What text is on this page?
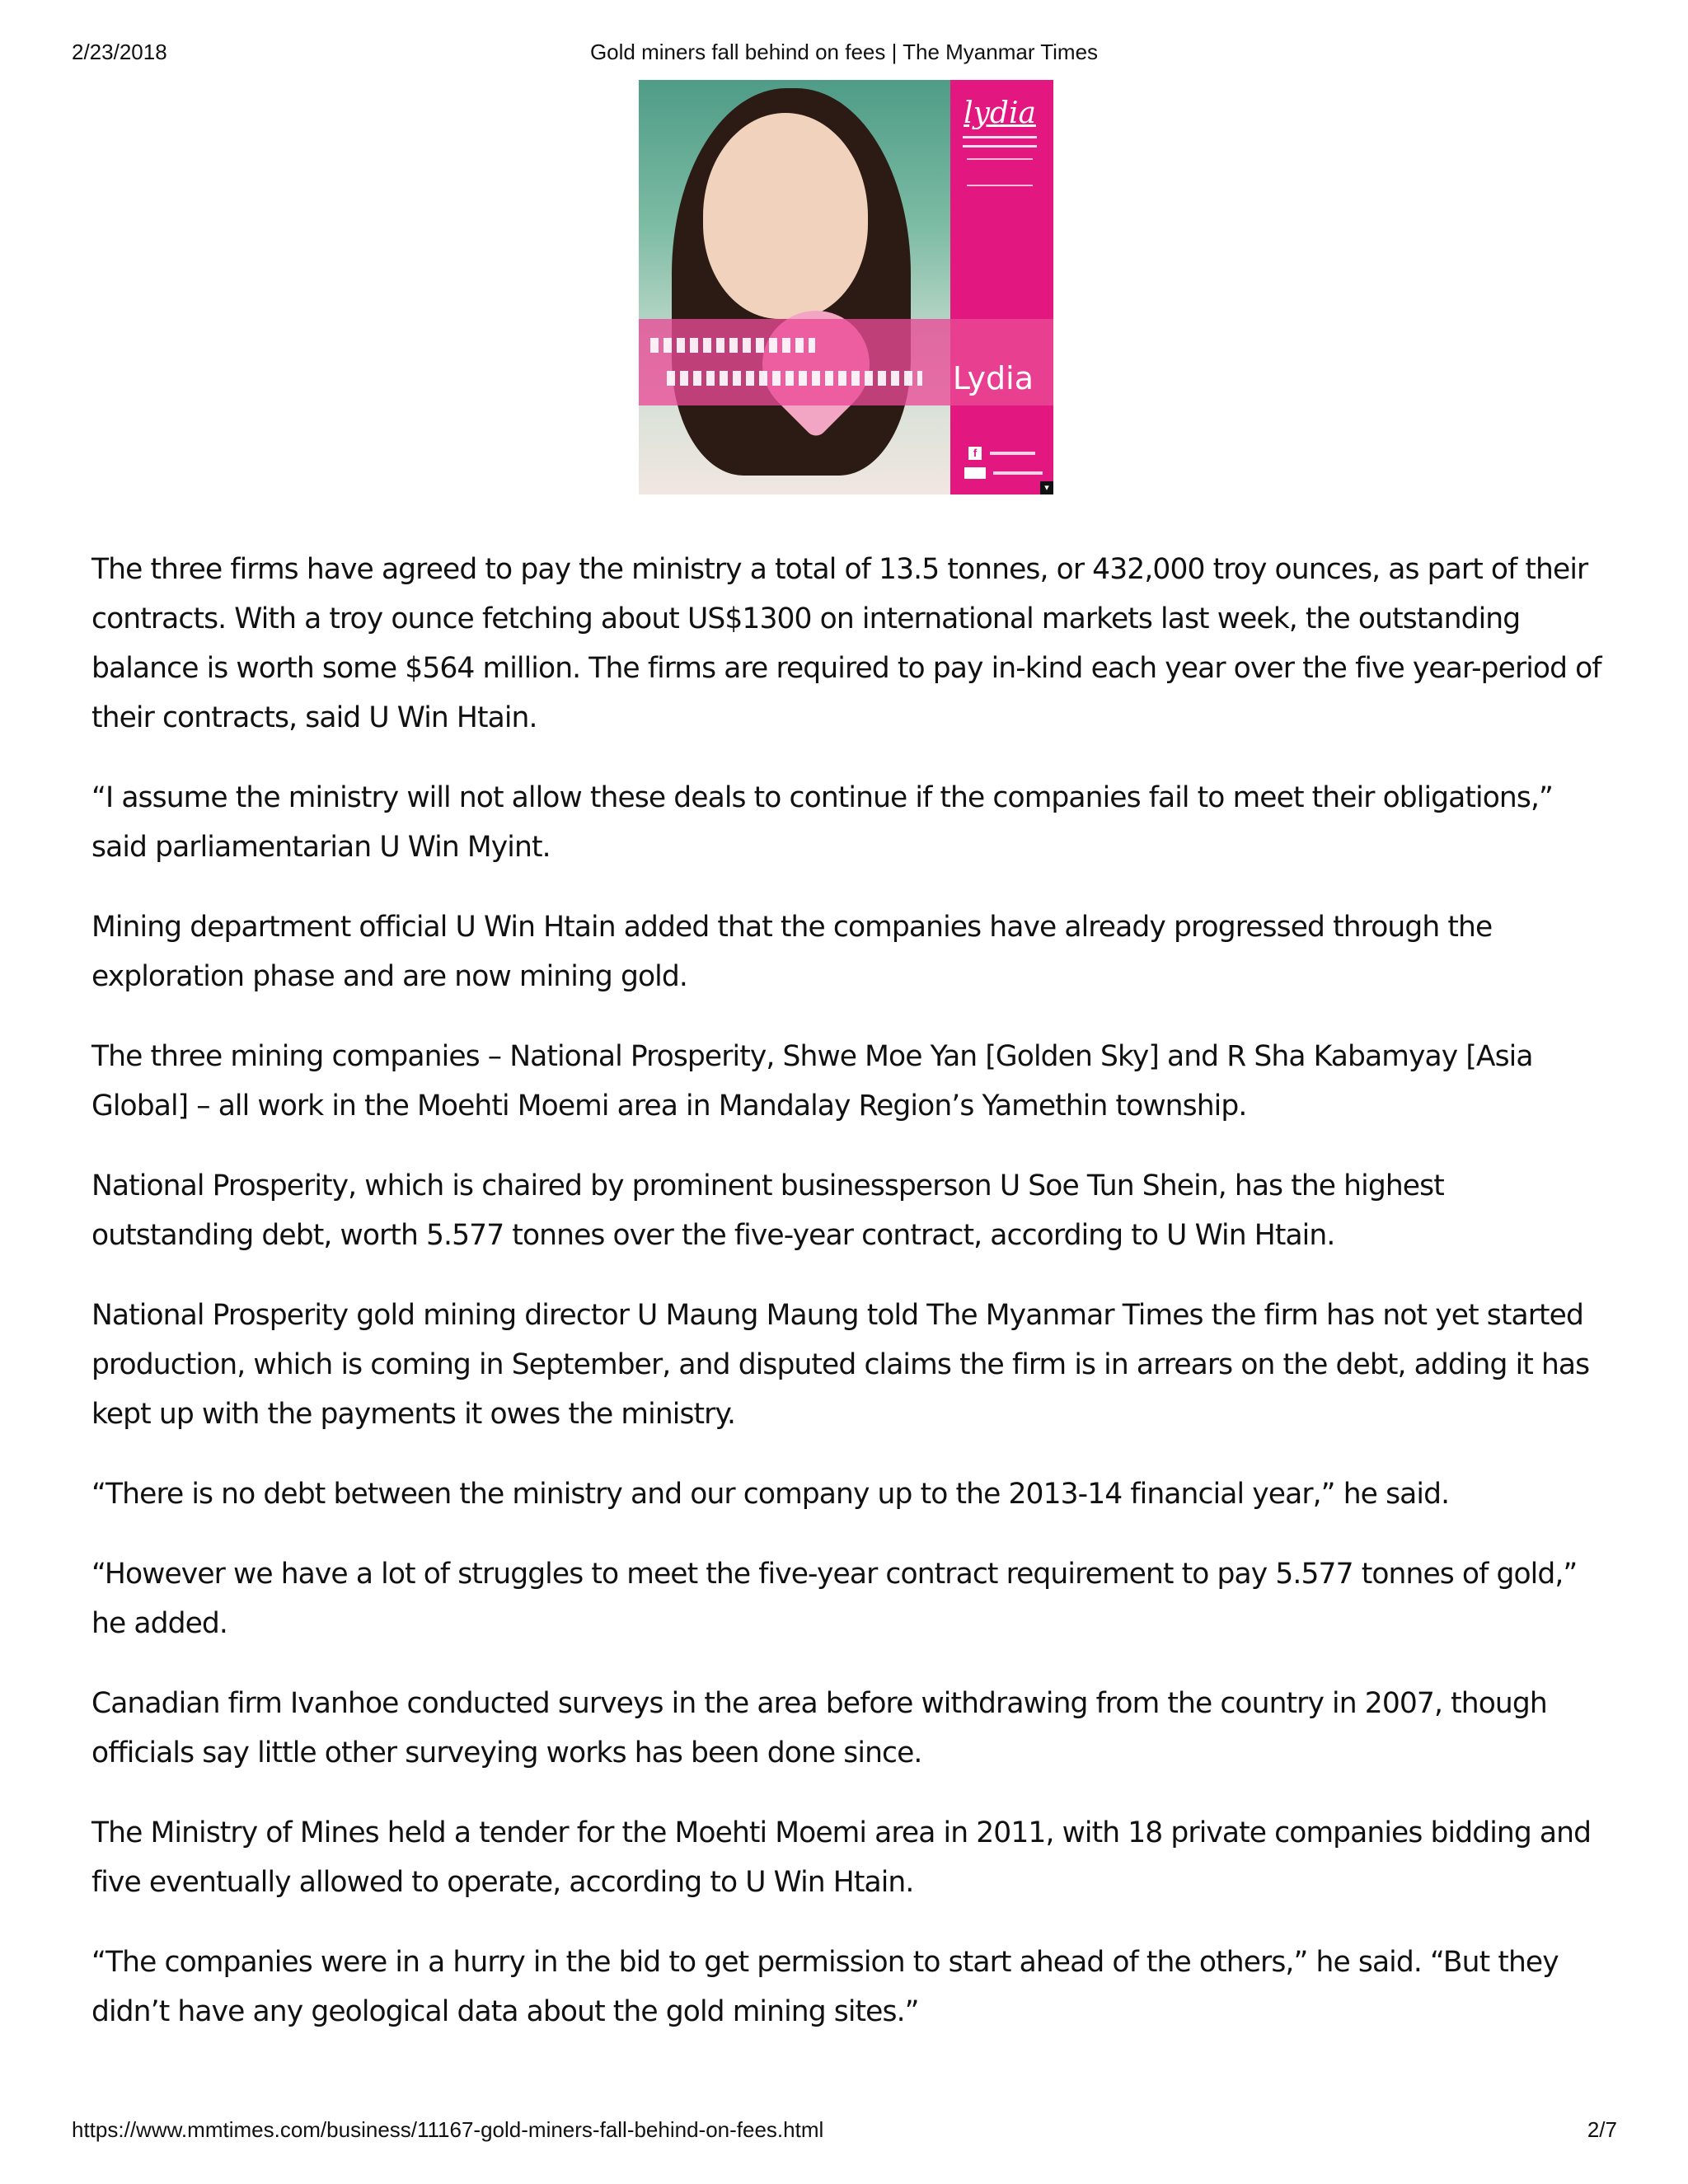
2/23/2018	Gold miners fall behind on fees | The Myanmar Times
lydia
Lydia
f
▾

The three firms have agreed to pay the ministry a total of 13.5 tonnes, or 432,000 troy ounces, as part of their contracts. With a troy ounce fetching about US$1300 on international markets last week, the outstanding balance is worth some $564 million. The firms are required to pay in-kind each year over the five year-period of their contracts, said U Win Htain.

“I assume the ministry will not allow these deals to continue if the companies fail to meet their obligations,” said parliamentarian U Win Myint.

Mining department official U Win Htain added that the companies have already progressed through the exploration phase and are now mining gold.

The three mining companies – National Prosperity, Shwe Moe Yan [Golden Sky] and R Sha Kabamyay [Asia Global] – all work in the Moehti Moemi area in Mandalay Region’s Yamethin township.

National Prosperity, which is chaired by prominent businessperson U Soe Tun Shein, has the highest outstanding debt, worth 5.577 tonnes over the five-year contract, according to U Win Htain.

National Prosperity gold mining director U Maung Maung told The Myanmar Times the firm has not yet started production, which is coming in September, and disputed claims the firm is in arrears on the debt, adding it has kept up with the payments it owes the ministry.

“There is no debt between the ministry and our company up to the 2013-14 financial year,” he said.

“However we have a lot of struggles to meet the five-year contract requirement to pay 5.577 tonnes of gold,” he added.

Canadian firm Ivanhoe conducted surveys in the area before withdrawing from the country in 2007, though officials say little other surveying works has been done since.

The Ministry of Mines held a tender for the Moehti Moemi area in 2011, with 18 private companies bidding and five eventually allowed to operate, according to U Win Htain.

“The companies were in a hurry in the bid to get permission to start ahead of the others,” he said. “But they didn’t have any geological data about the gold mining sites.”

https://www.mmtimes.com/business/11167-gold-miners-fall-behind-on-fees.html	2/7
